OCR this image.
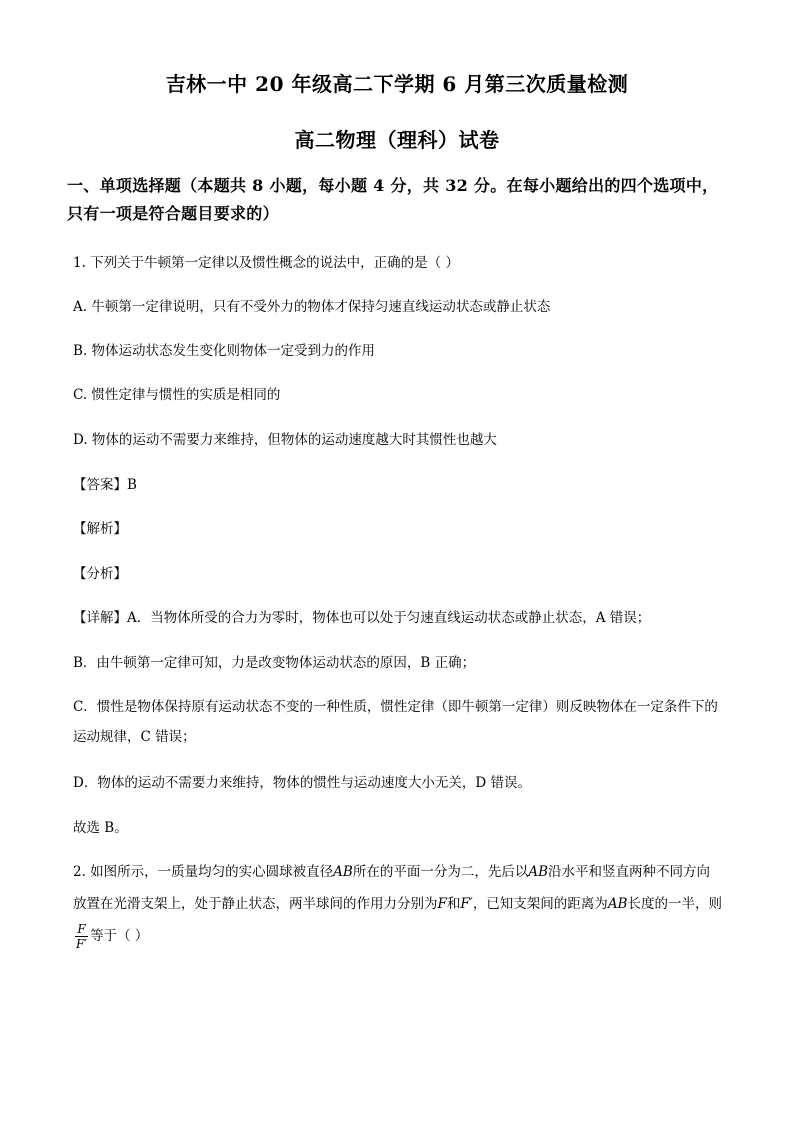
吉林一中 20 年级高二下学期 6 月第三次质量检测
高二物理（理科）试卷
一、单项选择题（本题共 8 小题，每小题 4 分，共 32 分。在每小题给出的四个选项中，只有一项是符合题目要求的）
1. 下列关于牛顿第一定律以及惯性概念的说法中，正确的是（ ）
A. 牛顿第一定律说明，只有不受外力的物体才保持匀速直线运动状态或静止状态
B. 物体运动状态发生变化则物体一定受到力的作用
C. 惯性定律与惯性的实质是相同的
D. 物体的运动不需要力来维持，但物体的运动速度越大时其惯性也越大
【答案】B
【解析】
【分析】
【详解】A．当物体所受的合力为零时，物体也可以处于匀速直线运动状态或静止状态，A 错误；
B．由牛顿第一定律可知，力是改变物体运动状态的原因，B 正确；
C．惯性是物体保持原有运动状态不变的一种性质，惯性定律（即牛顿第一定律）则反映物体在一定条件下的运动规律，C 错误；
D．物体的运动不需要力来维持，物体的惯性与运动速度大小无关，D 错误。
故选 B。
2. 如图所示，一质量均匀的实心圆球被直径AB所在的平面一分为二，先后以AB沿水平和竖直两种不同方向放置在光滑支架上，处于静止状态，两半球间的作用力分别为F和F′，已知支架间的距离为AB长度的一半，则
$\frac{F}{F'}$ 等于（ ）
